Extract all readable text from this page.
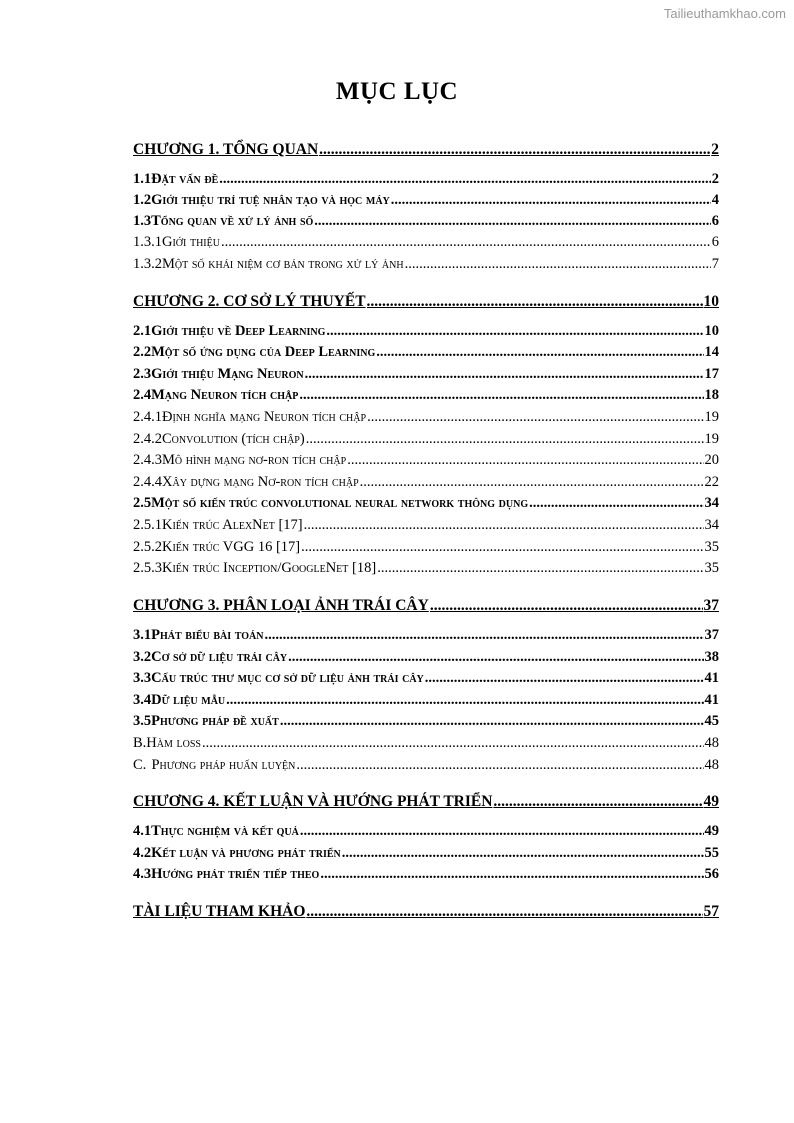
Tailieuthamkhao.com
MỤC LỤC
CHƯƠNG 1. TỔNG QUAN .....	2
1.1 Đặt vấn đề .....	2
1.2 Giới thiệu trí tuệ nhân tạo và học máy .....	4
1.3 Tổng quan về xử lý ảnh số .....	6
1.3.1 Giới thiệu .....	6
1.3.2 Một số khái niệm cơ bản trong xử lý ảnh .....	7
CHƯƠNG 2. CƠ SỞ LÝ THUYẾT .....	10
2.1 Giới thiệu về Deep Learning .....	10
2.2 Một số ứng dụng của Deep Learning .....	14
2.3 Giới thiệu Mạng Neuron .....	17
2.4 Mạng Neuron tích chập .....	18
2.4.1 Định nghĩa mạng Neuron tích chập .....	19
2.4.2 Convolution (tích chập) .....	19
2.4.3 Mô hình mạng nơ-ron tích chập .....	20
2.4.4 Xây dựng mạng Nơ-ron tích chập .....	22
2.5 Một số kiến trúc convolutional neural network thông dụng .....	34
2.5.1 Kiến trúc AlexNet [17] .....	34
2.5.2 Kiến trúc VGG 16 [17] .....	35
2.5.3 Kiến trúc Inception/GoogleNet [18] .....	35
CHƯƠNG 3. PHÂN LOẠI ẢNH TRÁI CÂY .....	37
3.1 Phát biểu bài toán .....	37
3.2 Cơ sở dữ liệu trái cây .....	38
3.3 Cấu trúc thư mục cơ sở dữ liệu ảnh trái cây .....	41
3.4 Dữ liệu mẫu .....	41
3.5 Phương pháp đề xuất .....	45
B. Hàm loss .....	48
C. Phương pháp huấn luyện .....	48
CHƯƠNG 4. KẾT LUẬN VÀ HƯỚNG PHÁT TRIỂN .....	49
4.1 Thực nghiệm và kết quả .....	49
4.2 Kết luận và phương phát triển .....	55
4.3 Hướng phát triển tiếp theo .....	56
TÀI LIỆU THAM KHẢO .....	57
